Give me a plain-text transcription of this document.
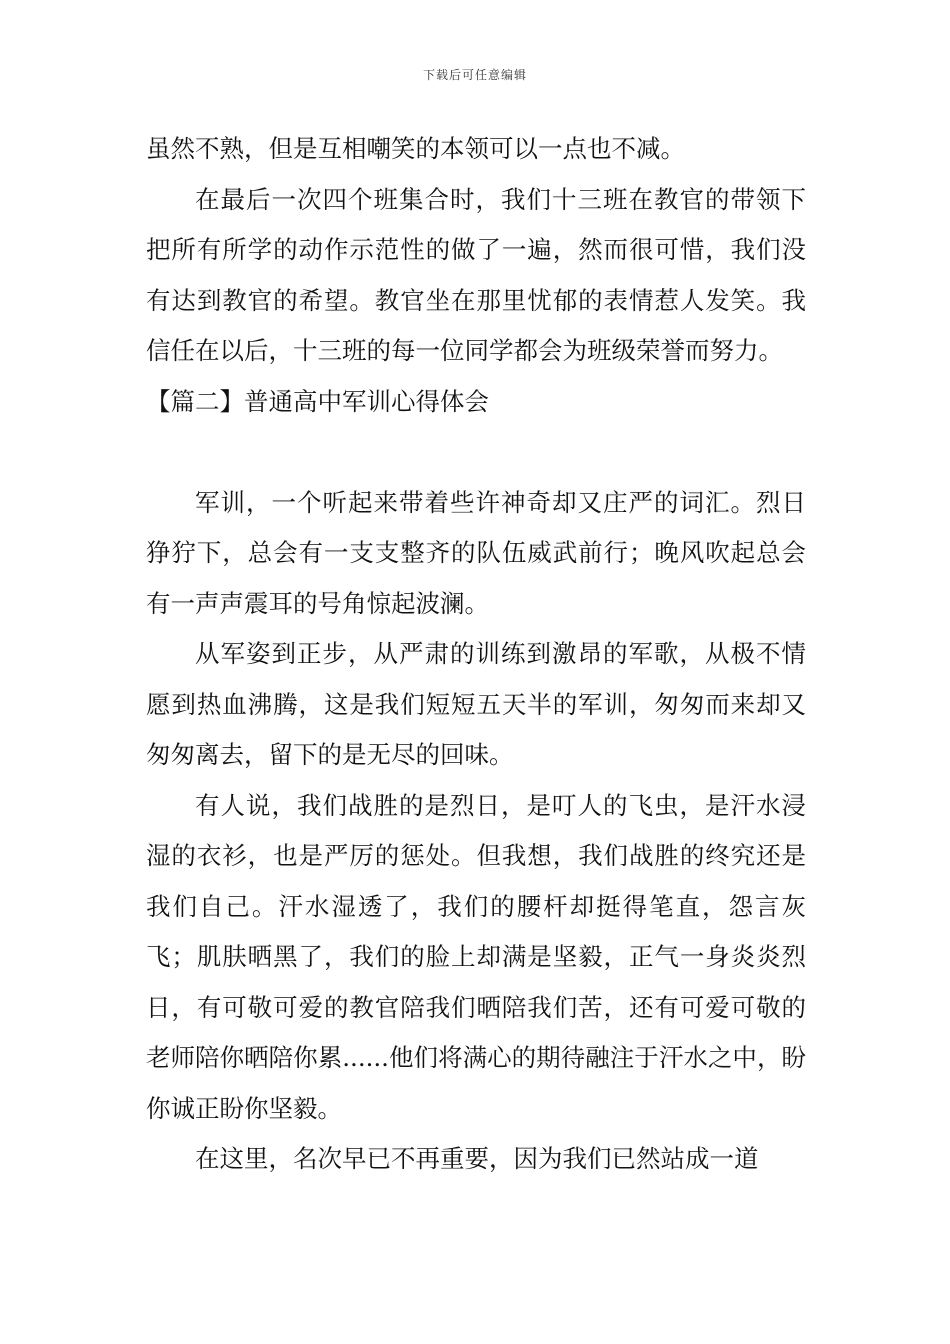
下载后可任意编辑

虽然不熟，但是互相嘲笑的本领可以一点也不减。

在最后一次四个班集合时，我们十三班在教官的带领下把所有所学的动作示范性的做了一遍，然而很可惜，我们没有达到教官的希望。教官坐在那里忧郁的表情惹人发笑。我信任在以后，十三班的每一位同学都会为班级荣誉而努力。

【篇二】普通高中军训心得体会

军训，一个听起来带着些许神奇却又庄严的词汇。烈日狰狞下，总会有一支支整齐的队伍威武前行；晚风吹起总会有一声声震耳的号角惊起波澜。

从军姿到正步，从严肃的训练到激昂的军歌，从极不情愿到热血沸腾，这是我们短短五天半的军训，匆匆而来却又匆匆离去，留下的是无尽的回味。

有人说，我们战胜的是烈日，是叮人的飞虫，是汗水浸湿的衣衫，也是严厉的惩处。但我想，我们战胜的终究还是我们自己。汗水湿透了，我们的腰杆却挺得笔直，怨言灰飞；肌肤晒黑了，我们的脸上却满是坚毅，正气一身炎炎烈日，有可敬可爱的教官陪我们晒陪我们苦，还有可爱可敬的老师陪你晒陪你累......他们将满心的期待融注于汗水之中，盼你诚正盼你坚毅。

在这里，名次早已不再重要，因为我们已然站成一道
